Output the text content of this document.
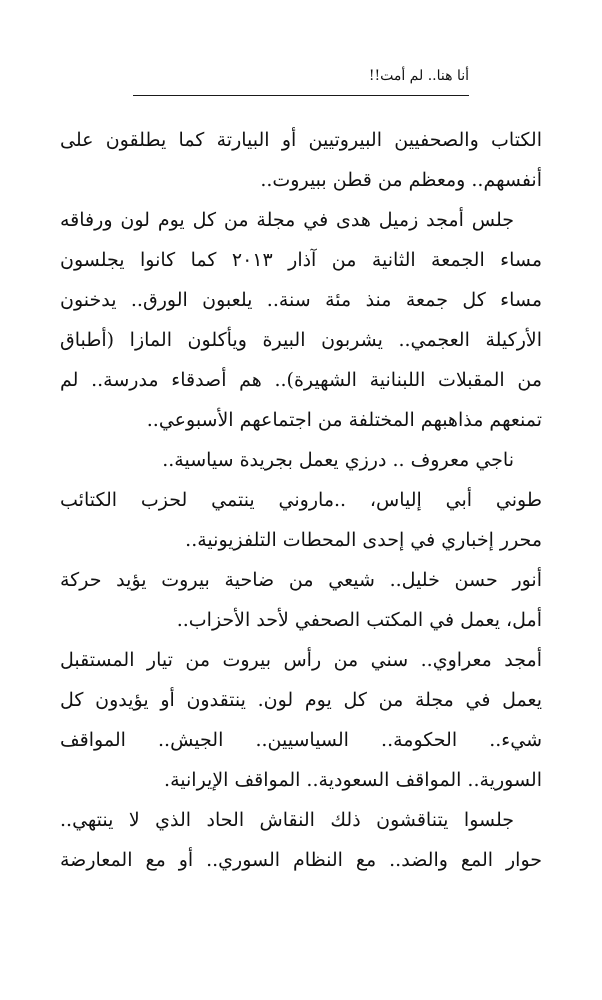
أنا هنا.. لم أمت!!
الكتاب والصحفيين البيروتيين أو البيارتة كما يطلقون على
أنفسهم.. ومعظم من قطن ببيروت..
جلس أمجد زميل هدى في مجلة من كل يوم لون ورفاقه
مساء الجمعة الثانية من آذار ٢٠١٣ كما كانوا يجلسون
مساء كل جمعة منذ مئة سنة.. يلعبون الورق.. يدخنون
الأركيلة العجمي.. يشربون البيرة ويأكلون المازا (أطباق
من المقبلات اللبنانية الشهيرة).. هم أصدقاء مدرسة.. لم
تمنعهم مذاهبهم المختلفة من اجتماعهم الأسبوعي..
ناجي معروف .. درزي يعمل بجريدة سياسية..
طوني أبي إلياس، ..ماروني ينتمي لحزب الكتائب
محرر إخباري في إحدى المحطات التلفزيونية..
أنور حسن خليل.. شيعي من ضاحية بيروت يؤيد حركة
أمل، يعمل في المكتب الصحفي لأحد الأحزاب..
أمجد معراوي.. سني من رأس بيروت من تيار المستقبل
يعمل في مجلة من كل يوم لون. ينتقدون أو يؤيدون كل
شيء.. الحكومة.. السياسيين.. الجيش.. المواقف
السورية.. المواقف السعودية.. المواقف الإيرانية.
جلسوا يتناقشون ذلك النقاش الحاد الذي لا ينتهي..
حوار المع والضد.. مع النظام السوري.. أو مع المعارضة
